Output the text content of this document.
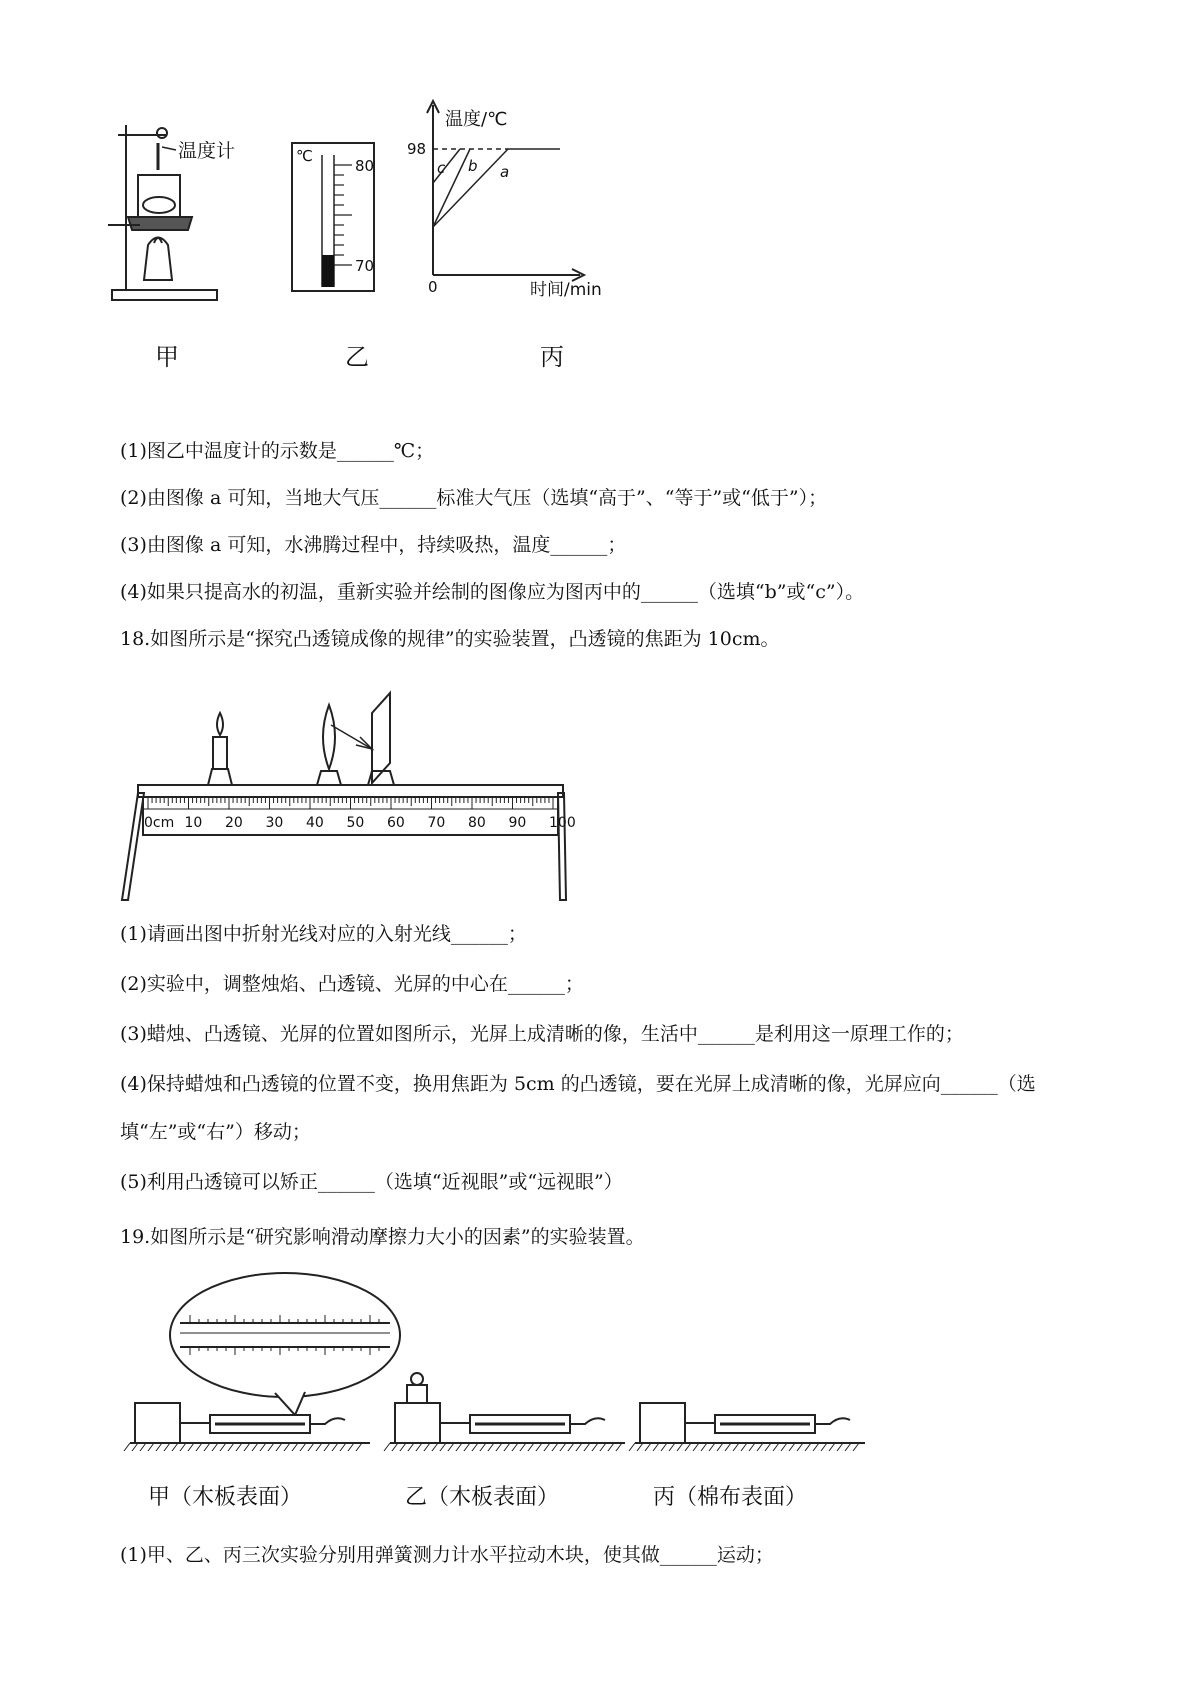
温度计	℃
80
70
温度/℃
时间/min
0
98
c b a
甲	乙	丙
(1)图乙中温度计的示数是______℃；
(2)由图像 a 可知，当地大气压______标准大气压（选填“高于”、“等于”或“低于”）；
(3)由图像 a 可知，水沸腾过程中，持续吸热，温度______；
(4)如果只提高水的初温，重新实验并绘制的图像应为图丙中的______（选填“b”或“c”）。
18.如图所示是“探究凸透镜成像的规律”的实验装置，凸透镜的焦距为 10cm。
0cm 10 20 30 40 50 60 70 80 90 100
(1)请画出图中折射光线对应的入射光线______；
(2)实验中，调整烛焰、凸透镜、光屏的中心在______；
(3)蜡烛、凸透镜、光屏的位置如图所示，光屏上成清晰的像，生活中______是利用这一原理工作的；
(4)保持蜡烛和凸透镜的位置不变，换用焦距为 5cm 的凸透镜，要在光屏上成清晰的像，光屏应向______（选
填“左”或“右”）移动；
(5)利用凸透镜可以矫正______（选填“近视眼”或“远视眼”）
19.如图所示是“研究影响滑动摩擦力大小的因素”的实验装置。
甲（木板表面）	乙（木板表面）	丙（棉布表面）
(1)甲、乙、丙三次实验分别用弹簧测力计水平拉动木块，使其做______运动；
